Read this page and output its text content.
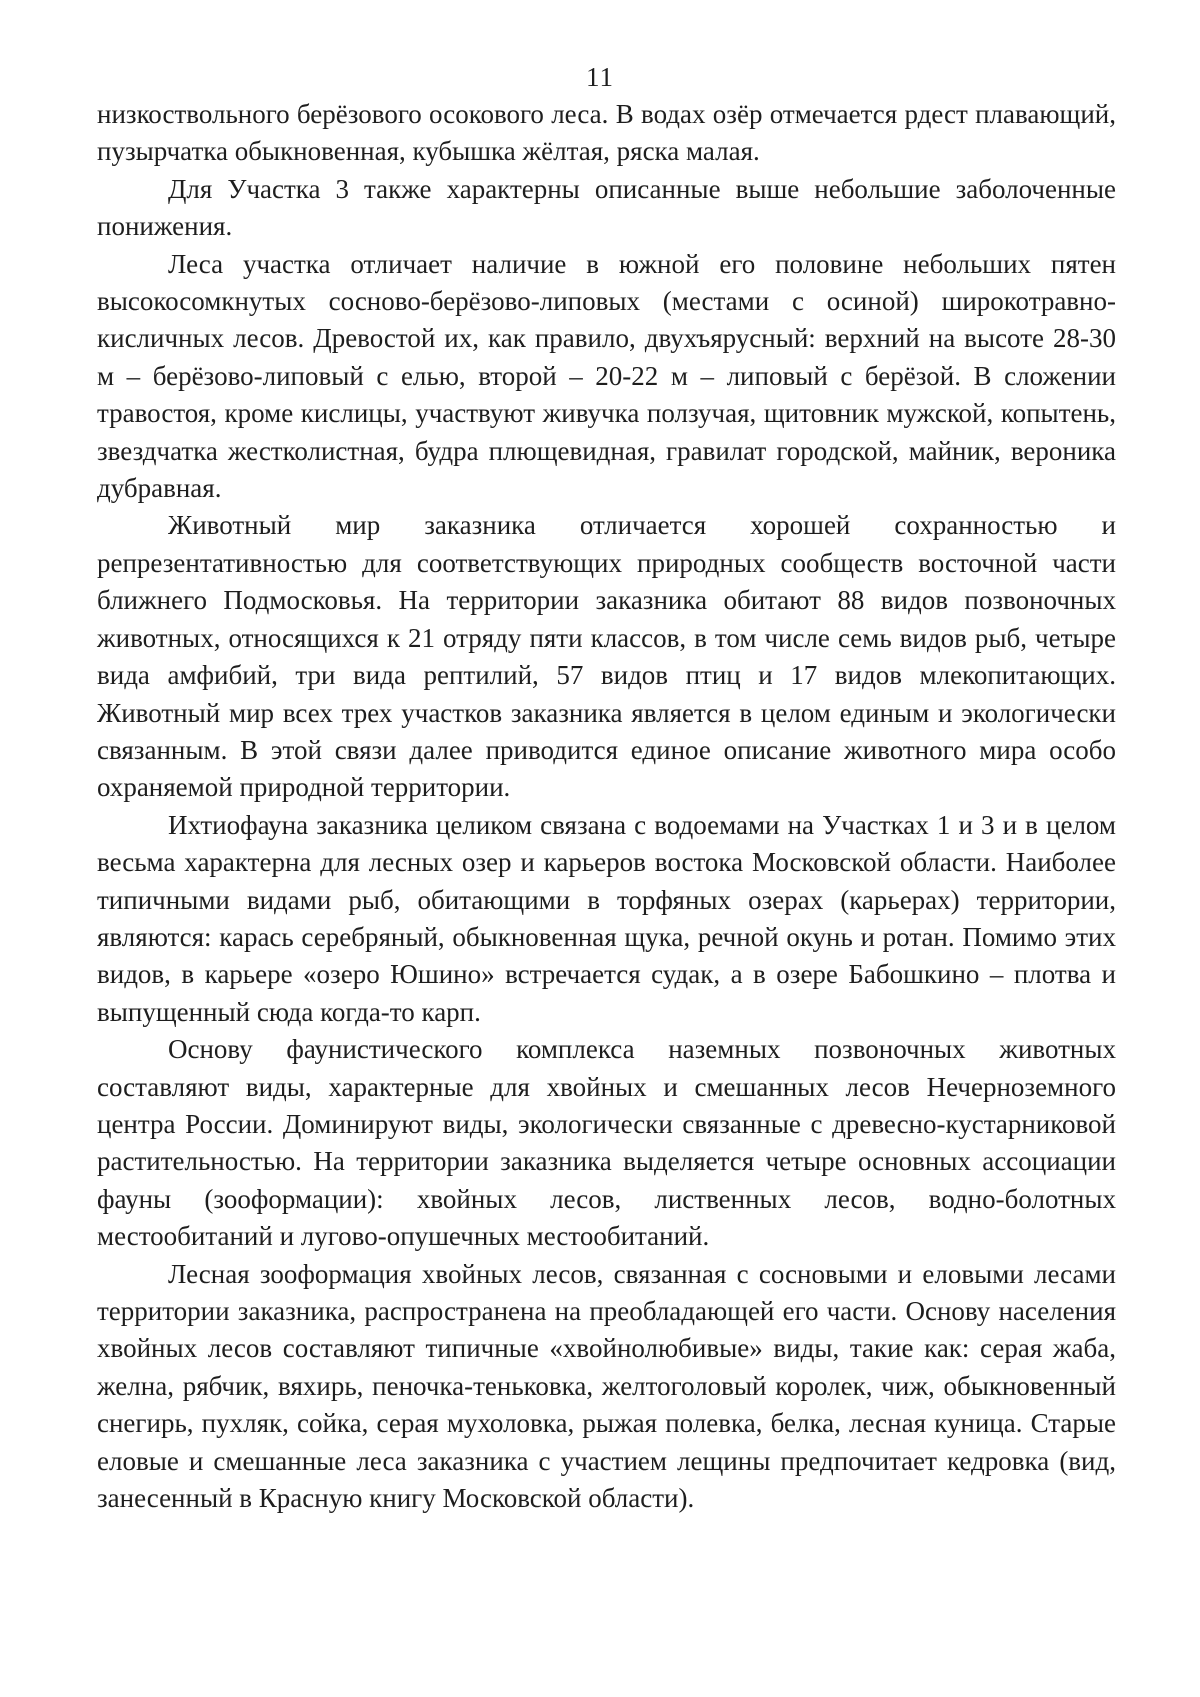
11

низкоствольного берёзового осокового леса. В водах озёр отмечается рдест плавающий, пузырчатка обыкновенная, кубышка жёлтая, ряска малая.

Для Участка 3 также характерны описанные выше небольшие заболоченные понижения.

Леса участка отличает наличие в южной его половине небольших пятен высокосомкнутых сосново-берёзово-липовых (местами с осиной) широкотравно-кисличных лесов. Древостой их, как правило, двухъярусный: верхний на высоте 28-30 м – берёзово-липовый с елью, второй – 20-22 м – липовый с берёзой. В сложении травостоя, кроме кислицы, участвуют живучка ползучая, щитовник мужской, копытень, звездчатка жестколистная, будра плющевидная, гравилат городской, майник, вероника дубравная.

Животный мир заказника отличается хорошей сохранностью и репрезентативностью для соответствующих природных сообществ восточной части ближнего Подмосковья. На территории заказника обитают 88 видов позвоночных животных, относящихся к 21 отряду пяти классов, в том числе семь видов рыб, четыре вида амфибий, три вида рептилий, 57 видов птиц и 17 видов млекопитающих. Животный мир всех трех участков заказника является в целом единым и экологически связанным. В этой связи далее приводится единое описание животного мира особо охраняемой природной территории.

Ихтиофауна заказника целиком связана с водоемами на Участках 1 и 3 и в целом весьма характерна для лесных озер и карьеров востока Московской области. Наиболее типичными видами рыб, обитающими в торфяных озерах (карьерах) территории, являются: карась серебряный, обыкновенная щука, речной окунь и ротан. Помимо этих видов, в карьере «озеро Юшино» встречается судак, а в озере Бабошкино – плотва и выпущенный сюда когда-то карп.

Основу фаунистического комплекса наземных позвоночных животных составляют виды, характерные для хвойных и смешанных лесов Нечерноземного центра России. Доминируют виды, экологически связанные с древесно-кустарниковой растительностью. На территории заказника выделяется четыре основных ассоциации фауны (зооформации): хвойных лесов, лиственных лесов, водно-болотных местообитаний и лугово-опушечных местообитаний.

Лесная зооформация хвойных лесов, связанная с сосновыми и еловыми лесами территории заказника, распространена на преобладающей его части. Основу населения хвойных лесов составляют типичные «хвойнолюбивые» виды, такие как: серая жаба, желна, рябчик, вяхирь, пеночка-теньковка, желтоголовый королек, чиж, обыкновенный снегирь, пухляк, сойка, серая мухоловка, рыжая полевка, белка, лесная куница. Старые еловые и смешанные леса заказника с участием лещины предпочитает кедровка (вид, занесенный в Красную книгу Московской области).
